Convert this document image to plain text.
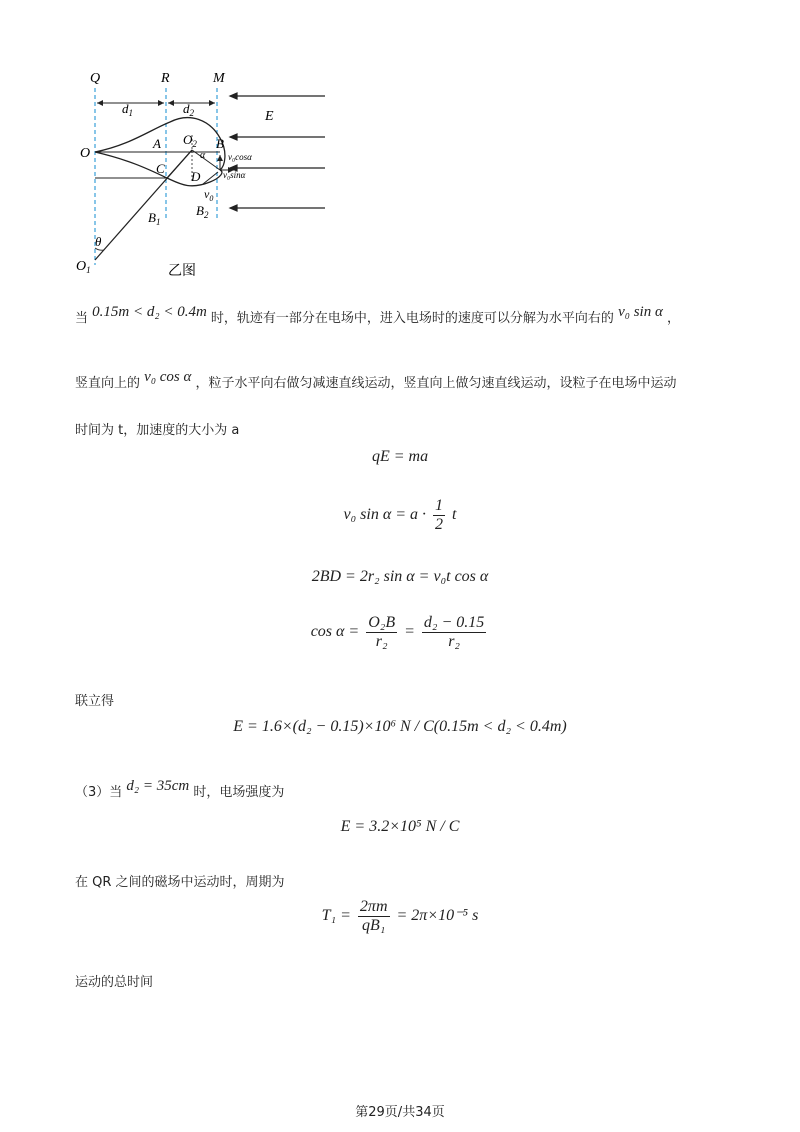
Q	R	M
E
O
$d_1$	$d_2$
$O_2$
A	B
C
D
α	v₀cosα
v₀sinα
$v_0$
$B_1$
$B_2$
θ
$O_1$	乙图
当 0.15m < d₂ < 0.4m 时，轨迹有一部分在电场中，进入电场时的速度可以分解为水平向右的 v₀ sin α ，
竖直向上的 v₀ cos α ，粒子水平向右做匀减速直线运动，竖直向上做匀速直线运动，设粒子在电场中运动
时间为 t，加速度的大小为 a
qE = ma
v₀ $\sin \alpha = a \cdot \frac{1}{2}$ t
2BD = 2r₂ sin α = v₀t cos α
$\cos \alpha = \frac{\text{O₂B}}{\text{r₂}} = \frac{\text{d₂ − 0.15}}{\text{r₂}}$
联立得
E = 1.6×(d₂ − 0.15)×10⁶ N / C(0.15m < d₂ < 0.4m)
（3）当 d₂ = 35cm 时，电场强度为
E = 3.2×10⁵ N / C
在 QR 之间的磁场中运动时，周期为
$T_1 = \frac{2\pi m}{\text{qB₁}} = 2\pi\times 10^{-5}$ s
运动的总时间
第29页/共34页
